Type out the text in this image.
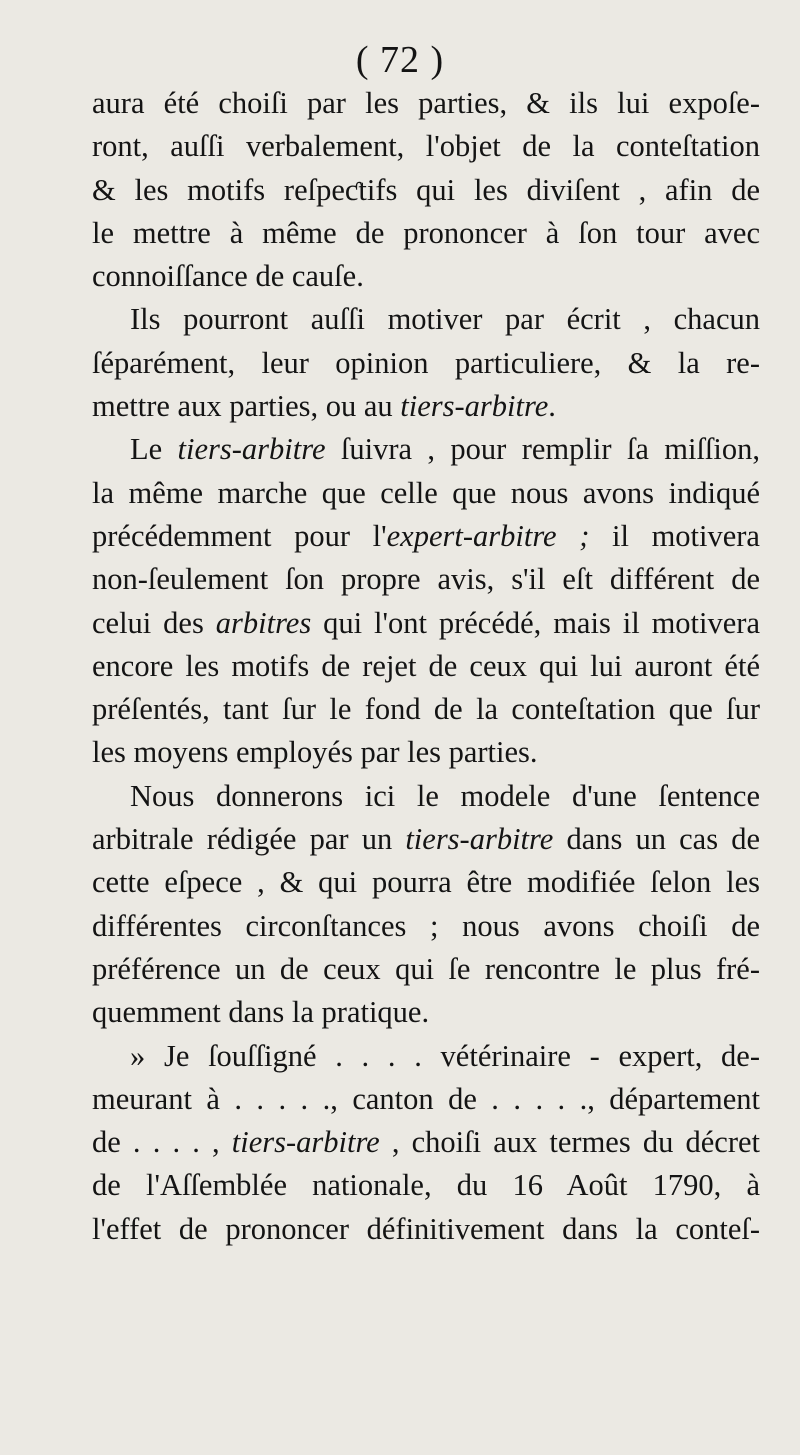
( 72 )

aura été choiſi par les parties, & ils lui expoſe-
ront, auſſi verbalement, l'objet de la conteſtation
& les motifs reſpeƈtifs qui les diviſent , afin de
le mettre à même de prononcer à ſon tour avec
connoiſſance de cauſe.

Ils pourront auſſi motiver par écrit , chacun
ſéparément, leur opinion particuliere, & la re-
mettre aux parties, ou au tiers-arbitre.

Le tiers-arbitre ſuivra , pour remplir ſa miſſion,
la même marche que celle que nous avons indiqué
précédemment pour l'expert-arbitre ; il motivera
non-ſeulement ſon propre avis, s'il eſt différent de
celui des arbitres qui l'ont précédé, mais il motivera
encore les motifs de rejet de ceux qui lui auront été
préſentés, tant ſur le fond de la conteſtation que ſur
les moyens employés par les parties.

Nous donnerons ici le modele d'une ſentence
arbitrale rédigée par un tiers-arbitre dans un cas de
cette eſpece , & qui pourra être modifiée ſelon les
différentes circonſtances ; nous avons choiſi de
préférence un de ceux qui ſe rencontre le plus fré-
quemment dans la pratique.

» Je ſouſſigné . . . . vétérinaire - expert, de-
meurant à . . . . ., canton de . . . . ., département
de . . . . , tiers-arbitre , choiſi aux termes du décret
de l'Aſſemblée nationale, du 16 Août 1790, à
l'effet de prononcer définitivement dans la conteſ-
